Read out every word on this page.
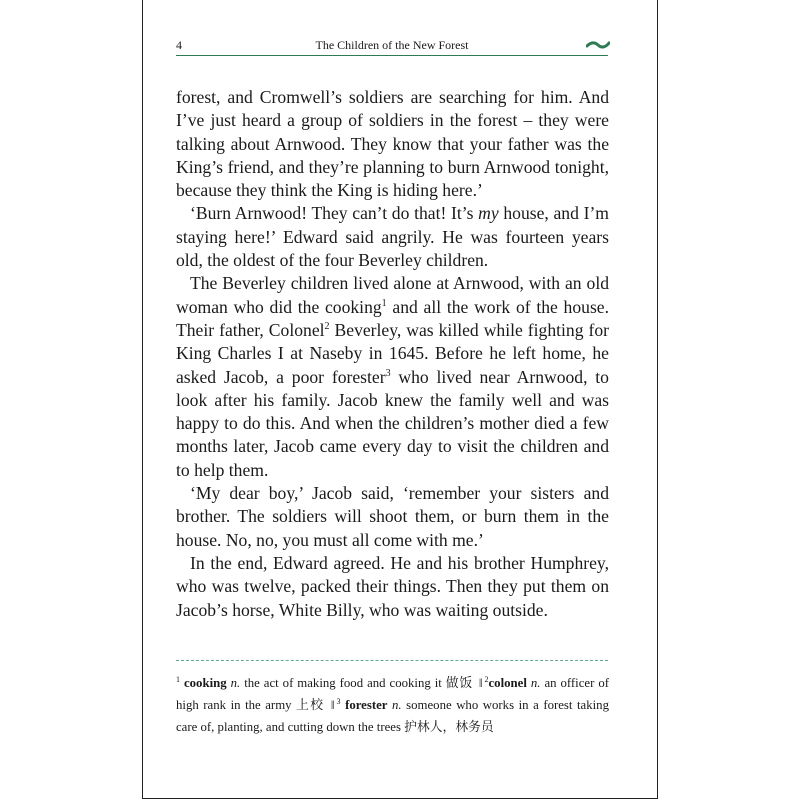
4	The Children of the New Forest

forest, and Cromwell’s soldiers are searching for him. And I’ve just heard a group of soldiers in the forest – they were talking about Arnwood. They know that your father was the King’s friend, and they’re planning to burn Arnwood tonight, because they think the King is hiding here.’

‘Burn Arnwood! They can’t do that! It’s my house, and I’m staying here!’ Edward said angrily. He was fourteen years old, the oldest of the four Beverley children.

The Beverley children lived alone at Arnwood, with an old woman who did the cooking$^1$ and all the work of the house. Their father, Colonel$^2$ Beverley, was killed while fighting for King Charles I at Naseby in 1645. Before he left home, he asked Jacob, a poor forester$^3$ who lived near Arnwood, to look after his family. Jacob knew the family well and was happy to do this. And when the children’s mother died a few months later, Jacob came every day to visit the children and to help them.

‘My dear boy,’ Jacob said, ‘remember your sisters and brother. The soldiers will shoot them, or burn them in the house. No, no, you must all come with me.’

In the end, Edward agreed. He and his brother Humphrey, who was twelve, packed their things. Then they put them on Jacob’s horse, White Billy, who was waiting outside.

$^1$ cooking n. the act of making food and cooking it 做饭 ‖ $^2$colonel n. an officer of high rank in the army 上校 ‖ $^3$ forester n. someone who works in a forest taking care of, planting, and cutting down the trees 护林人，林务员
